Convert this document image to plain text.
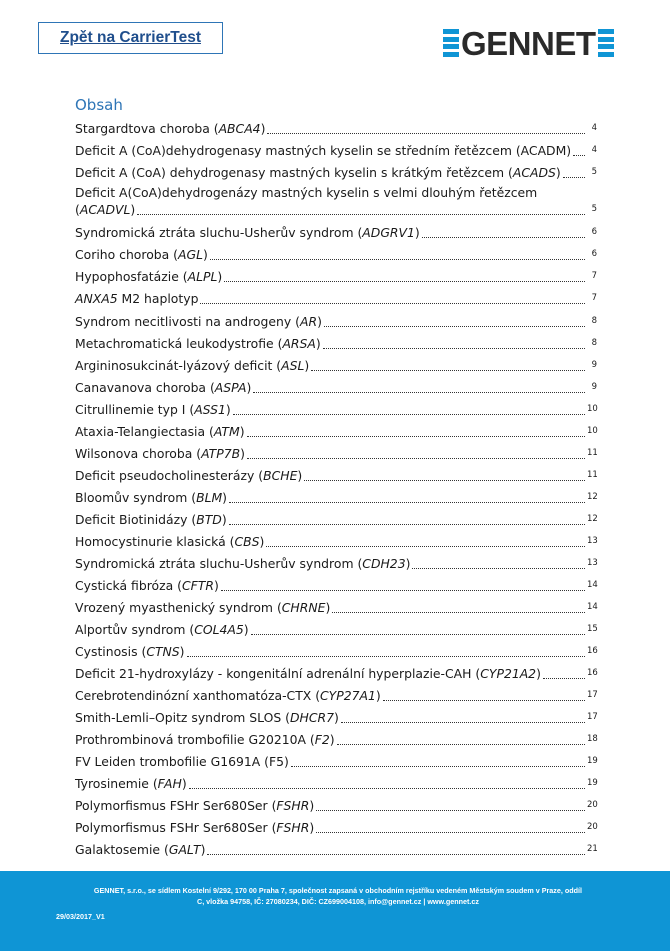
Zpět na CarrierTest	GENNET
Obsah
Stargardtova choroba (ABCA4)	4
Deficit A (CoA)dehydrogenasy mastných kyselin se středním řetězcem (ACADM)	4
Deficit A (CoA) dehydrogenasy mastných kyselin s krátkým řetězcem (ACADS)	5
Deficit A(CoA)dehydrogenázy mastných kyselin s velmi dlouhým řetězcem
(ACADVL)	5
Syndromická ztráta sluchu-Usherův syndrom (ADGRV1)	6
Coriho choroba (AGL)	6
Hypophosfatázie (ALPL)	7
ANXA5 M2 haplotyp	7
Syndrom necitlivosti na androgeny (AR)	8
Metachromatická leukodystrofie (ARSA)	8
Argininosukcinát-lyázový deficit (ASL)	9
Canavanova choroba (ASPA)	9
Citrullinemie typ I (ASS1)	10
Ataxia-Telangiectasia (ATM)	10
Wilsonova choroba (ATP7B)	11
Deficit pseudocholinesterázy (BCHE)	11
Bloomův syndrom (BLM)	12
Deficit Biotinidázy (BTD)	12
Homocystinurie klasická (CBS)	13
Syndromická ztráta sluchu-Usherův syndrom (CDH23)	13
Cystická fibróza (CFTR)	14
Vrozený myasthenický syndrom (CHRNE)	14
Alportův syndrom (COL4A5)	15
Cystinosis (CTNS)	16
Deficit 21-hydroxylázy - kongenitální adrenální hyperplazie-CAH (CYP21A2)	16
Cerebrotendinózní xanthomatóza-CTX (CYP27A1)	17
Smith-Lemli–Opitz syndrom SLOS (DHCR7)	17
Prothrombinová trombofilie G20210A (F2)	18
FV Leiden trombofilie G1691A (F5)	19
Tyrosinemie (FAH)	19
Polymorfismus FSHr Ser680Ser (FSHR)	20
Polymorfismus FSHr Ser680Ser (FSHR)	20
Galaktosemie (GALT)	21
GENNET, s.r.o., se sídlem Kostelní 9/292, 170 00 Praha 7, společnost zapsaná v obchodním rejstříku vedeném Městským soudem v Praze, oddíl
C, vložka 94758, IČ: 27080234, DIČ: CZ699004108, info@gennet.cz | www.gennet.cz
29/03/2017_V1
